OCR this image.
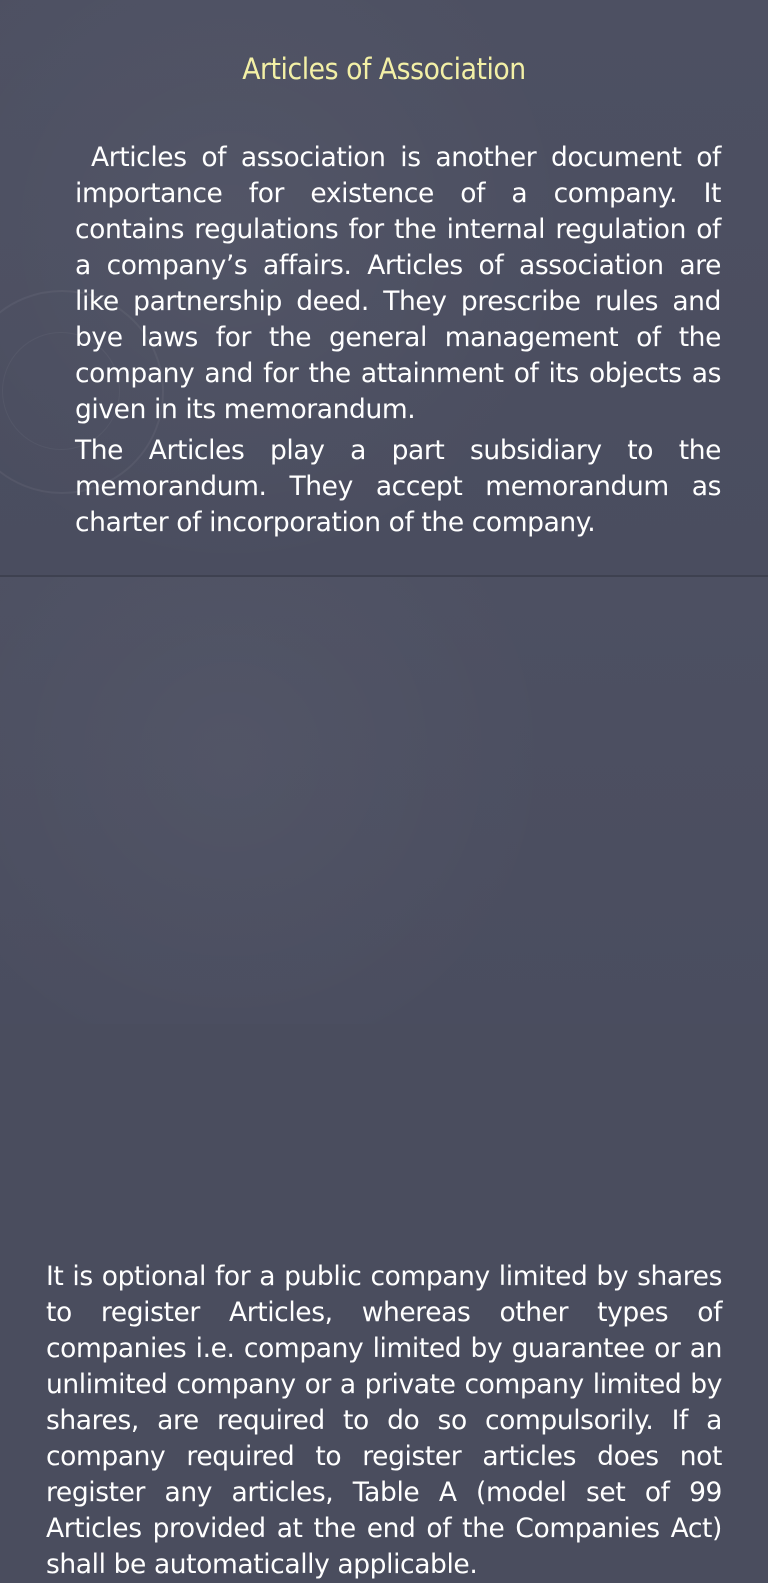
Articles of Association

Articles of association is another document of importance for existence of a company. It contains regulations for the internal regulation of a company’s affairs. Articles of association are like partnership deed. They prescribe rules and bye laws for the general management of the company and for the attainment of its objects as given in its memorandum.

The Articles play a part subsidiary to the memorandum. They accept memorandum as charter of incorporation of the company.

It is optional for a public company limited by shares to register Articles, whereas other types of companies i.e. company limited by guarantee or an unlimited company or a private company limited by shares, are required to do so compulsorily. If a company required to register articles does not register any articles, Table A (model set of 99 Articles provided at the end of the Companies Act) shall be automatically applicable.
